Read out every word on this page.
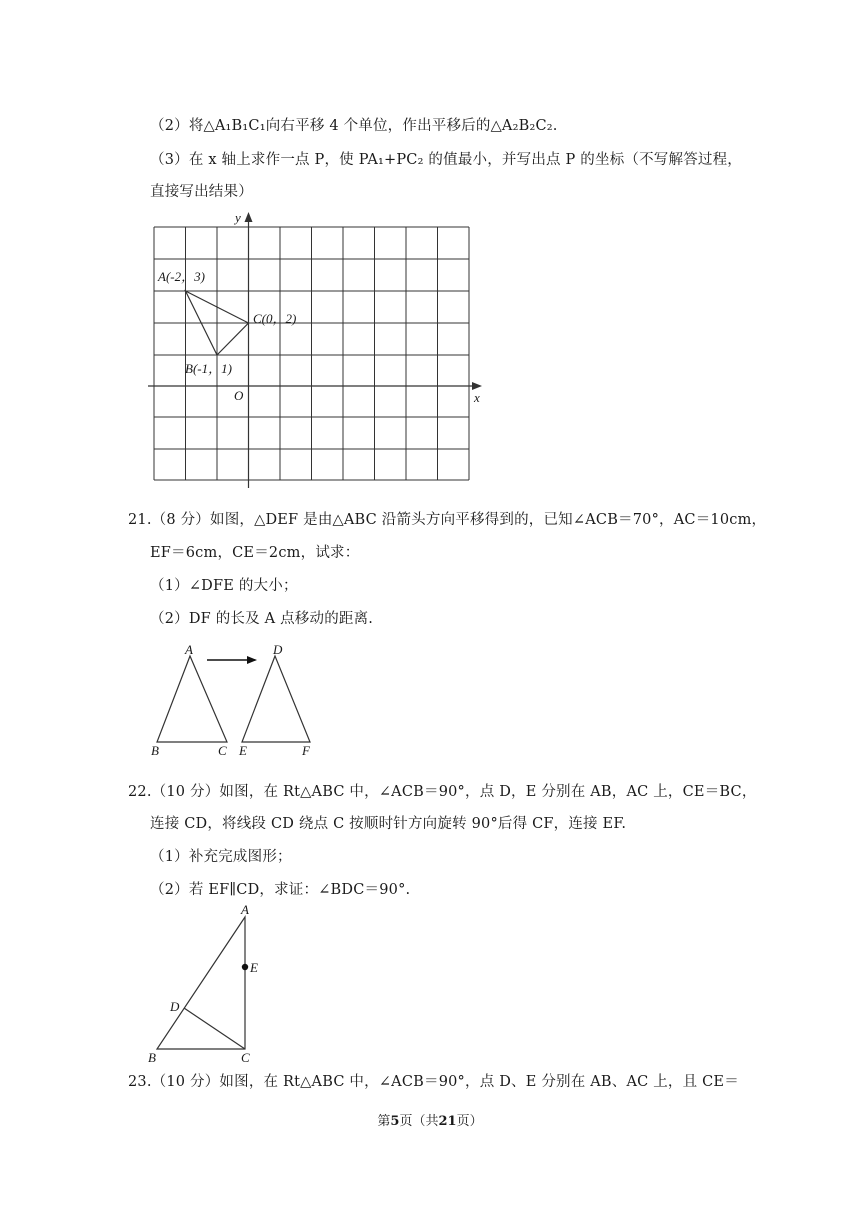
（2）将△A₁B₁C₁向右平移 4 个单位，作出平移后的△A₂B₂C₂.
（3）在 x 轴上求作一点 P，使 PA₁+PC₂ 的值最小，并写出点 P 的坐标（不写解答过程，
直接写出结果）
y
x
O
A(-2，3)
B(-1，1)
C(0，2)
21.（8 分）如图，△DEF 是由△ABC 沿箭头方向平移得到的，已知∠ACB＝70°，AC＝10cm，
EF＝6cm，CE＝2cm，试求：
（1）∠DFE 的大小；
（2）DF 的长及 A 点移动的距离.
A
B	C
D
E	F
22.（10 分）如图，在 Rt△ABC 中，∠ACB＝90°，点 D，E 分别在 AB，AC 上，CE＝BC，
连接 CD，将线段 CD 绕点 C 按顺时针方向旋转 90°后得 CF，连接 EF.
（1）补充完成图形；
（2）若 EF∥CD，求证：∠BDC＝90°.
A
E
D
B	C
23.（10 分）如图，在 Rt△ABC 中，∠ACB＝90°，点 D、E 分别在 AB、AC 上，且 CE＝
第5页（共21页）
